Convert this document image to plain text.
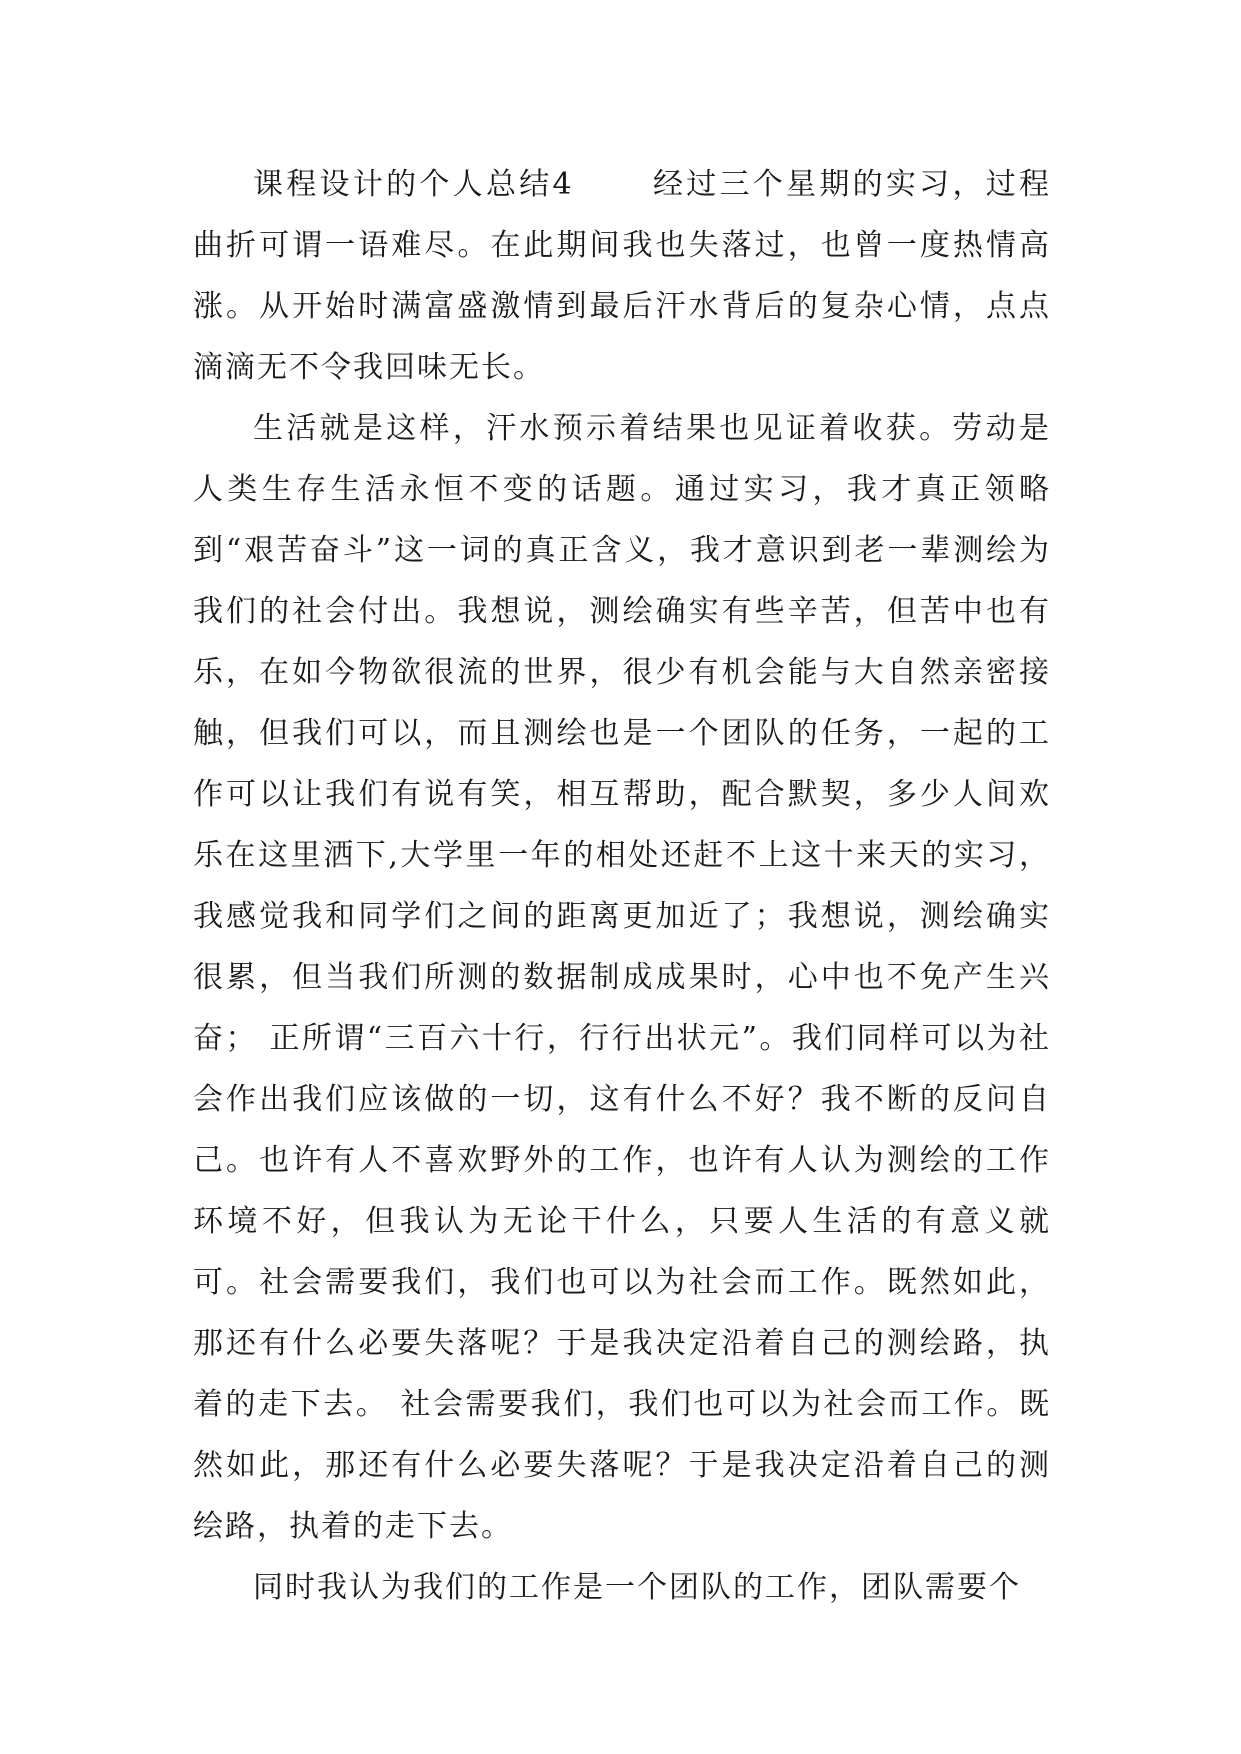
课程设计的个人总结4 　　经过三个星期的实习，过程曲折可谓一语难尽。在此期间我也失落过，也曾一度热情高涨。从开始时满富盛激情到最后汗水背后的复杂心情，点点滴滴无不令我回味无长。

生活就是这样，汗水预示着结果也见证着收获。劳动是人类生存生活永恒不变的话题。通过实习，我才真正领略到“艰苦奋斗”这一词的真正含义，我才意识到老一辈测绘为我们的社会付出。我想说，测绘确实有些辛苦，但苦中也有乐，在如今物欲很流的世界，很少有机会能与大自然亲密接触，但我们可以，而且测绘也是一个团队的任务，一起的工作可以让我们有说有笑，相互帮助，配合默契，多少人间欢乐在这里洒下,大学里一年的相处还赶不上这十来天的实习，我感觉我和同学们之间的距离更加近了；我想说，测绘确实很累，但当我们所测的数据制成成果时，心中也不免产生兴奋； 正所谓“三百六十行，行行出状元”。我们同样可以为社会作出我们应该做的一切，这有什么不好？我不断的反问自己。也许有人不喜欢野外的工作，也许有人认为测绘的工作环境不好，但我认为无论干什么，只要人生活的有意义就可。社会需要我们，我们也可以为社会而工作。既然如此，那还有什么必要失落呢？于是我决定沿着自己的测绘路，执着的走下去。 社会需要我们，我们也可以为社会而工作。既然如此，那还有什么必要失落呢？于是我决定沿着自己的测绘路，执着的走下去。

同时我认为我们的工作是一个团队的工作，团队需要个
